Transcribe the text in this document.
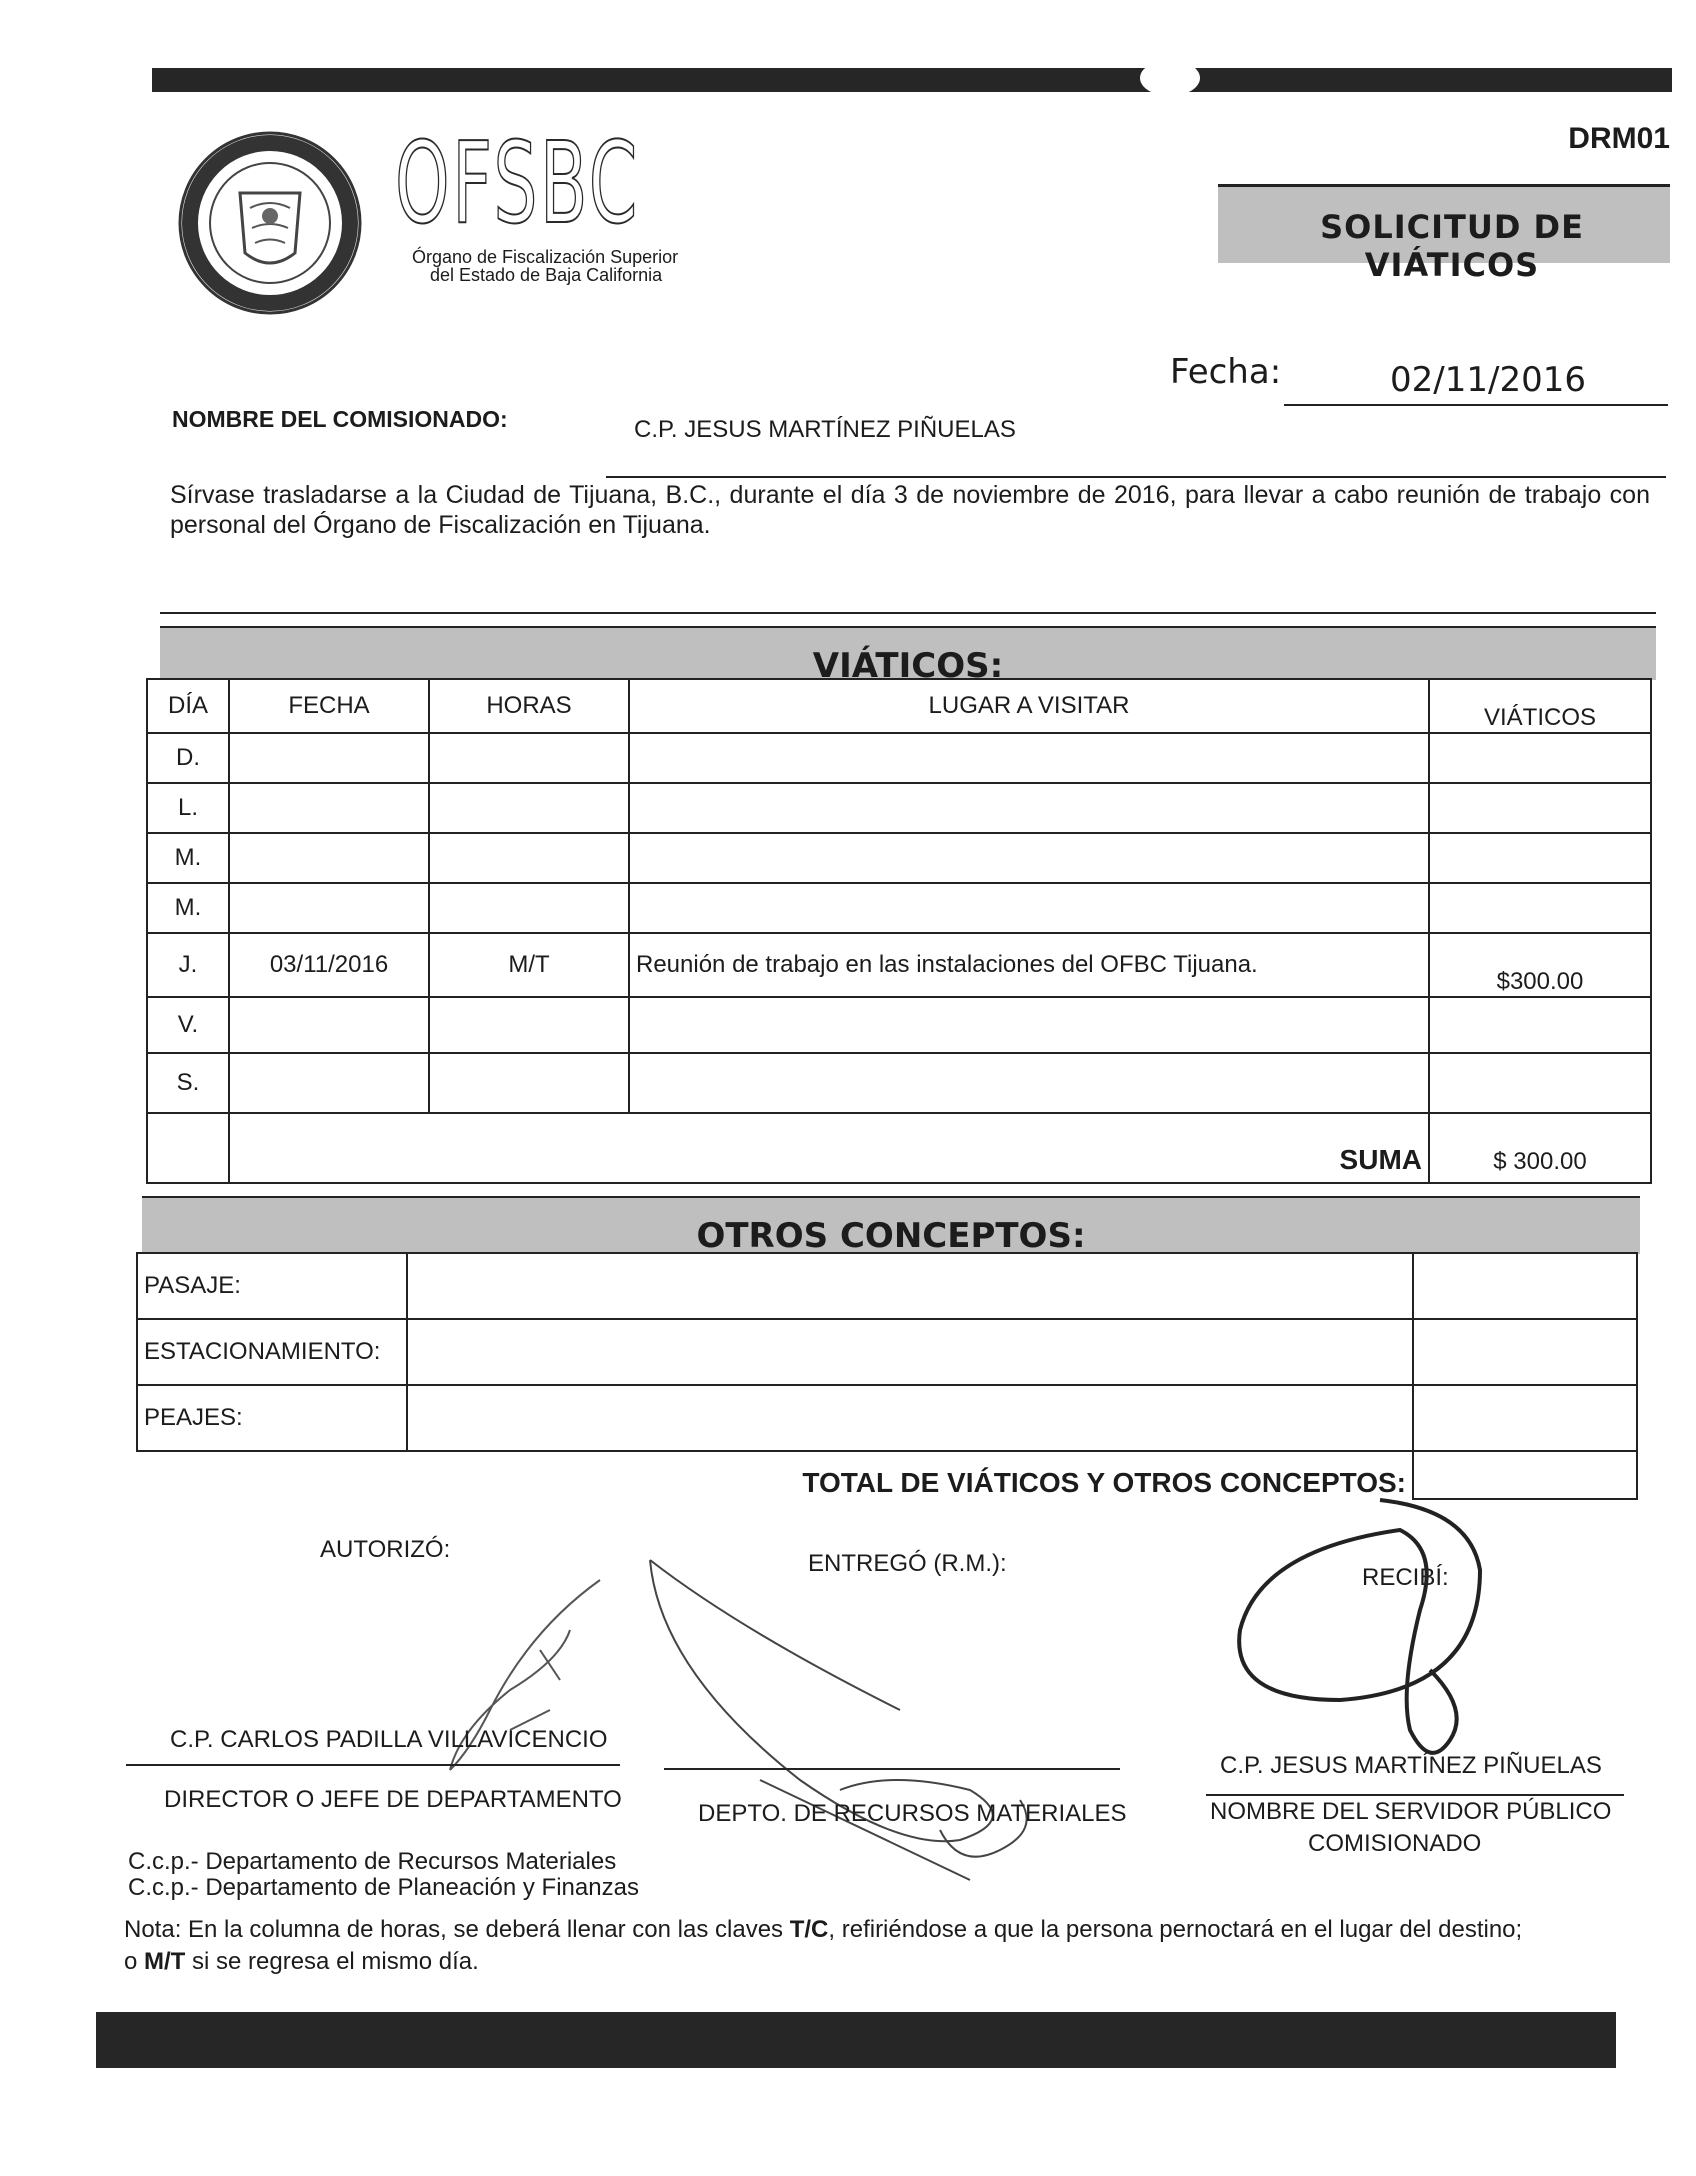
DRM01
OFSBC
Órgano de Fiscalización Superior
del Estado de Baja California
SOLICITUD DE VIÁTICOS
Fecha:	02/11/2016
NOMBRE DEL COMISIONADO:	C.P. JESUS MARTÍNEZ PIÑUELAS
Sírvase trasladarse a la Ciudad de Tijuana, B.C., durante el día 3 de noviembre de 2016, para llevar a cabo reunión de trabajo con personal del Órgano de Fiscalización en Tijuana.
VIÁTICOS:
DÍA	FECHA	HORAS	LUGAR A VISITAR	VIÁTICOS
D.				
L.				
M.				
M.				
J.	03/11/2016	M/T	Reunión de trabajo en las instalaciones del OFBC Tijuana.	$300.00
V.				
S.				
	SUMA			$ 300.00
OTROS CONCEPTOS:
PASAJE:		
ESTACIONAMIENTO:		
PEAJES:		
TOTAL DE VIÁTICOS Y OTROS CONCEPTOS:		
AUTORIZÓ:
ENTREGÓ (R.M.):
RECIBÍ:
C.P. CARLOS PADILLA VILLAVICENCIO
DIRECTOR O JEFE DE DEPARTAMENTO
DEPTO. DE RECURSOS MATERIALES
C.P. JESUS MARTÍNEZ PIÑUELAS
NOMBRE DEL SERVIDOR PÚBLICO
COMISIONADO
C.c.p.- Departamento de Recursos Materiales
C.c.p.- Departamento de Planeación y Finanzas
Nota: En la columna de horas, se deberá llenar con las claves T/C, refiriéndose a que la persona pernoctará en el lugar del destino;
o M/T si se regresa el mismo día.
